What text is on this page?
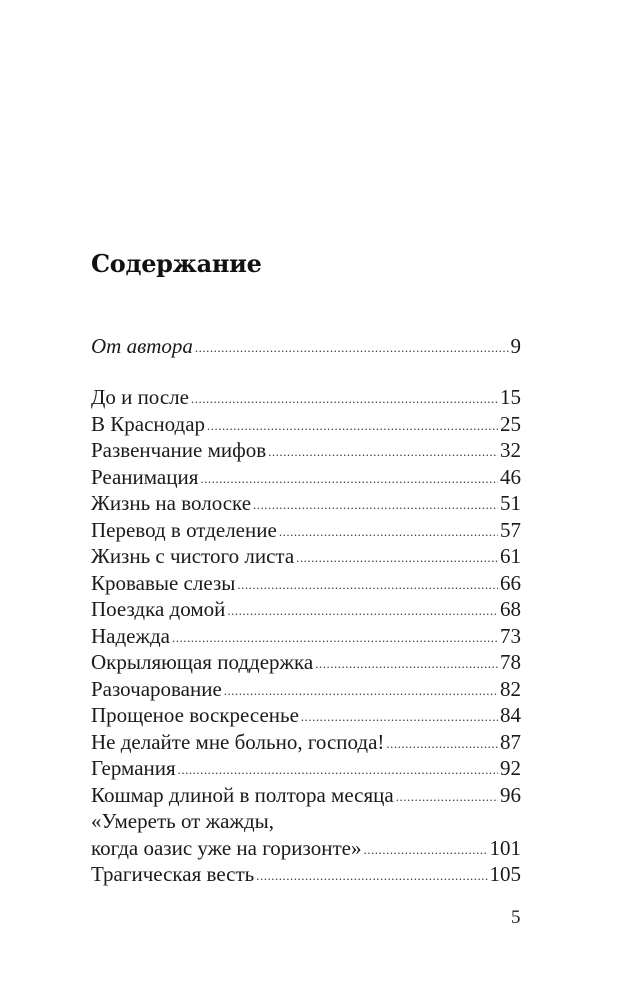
Содержание
От автора .....	9
До и после .....	15
В Краснодар .....	25
Развенчание мифов .....	32
Реанимация .....	46
Жизнь на волоске .....	51
Перевод в отделение .....	57
Жизнь с чистого листа .....	61
Кровавые слезы .....	66
Поездка домой .....	68
Надежда .....	73
Окрыляющая поддержка .....	78
Разочарование .....	82
Прощеное воскресенье .....	84
Не делайте мне больно, господа! .....	87
Германия .....	92
Кошмар длиной в полтора месяца .....	96
«Умереть от жажды,
когда оазис уже на горизонте» .....	101
Трагическая весть .....	105
5
